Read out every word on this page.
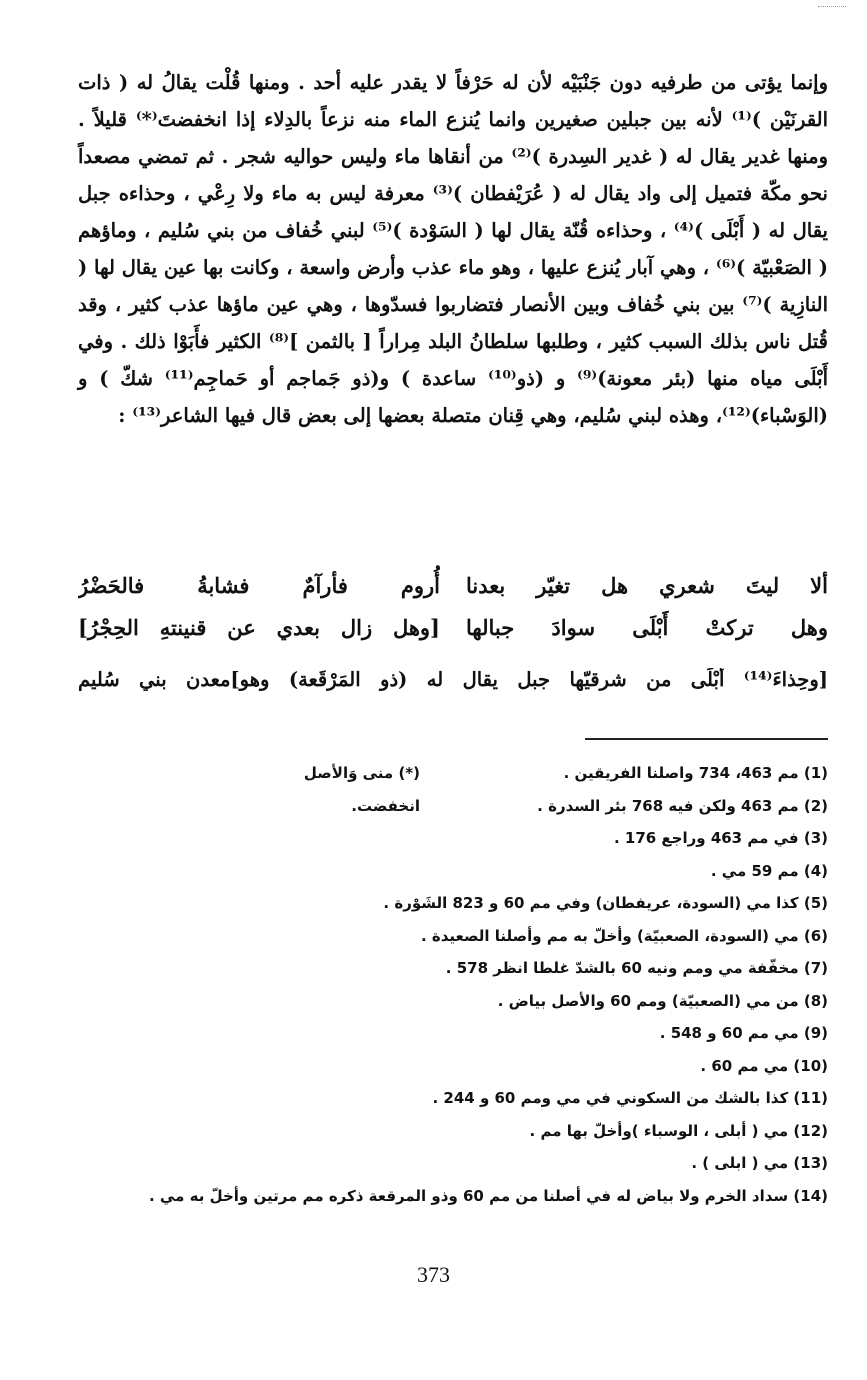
وإنما يؤتى من طرفيه دون جَنْبَيْه لأن له حَرْفاً لا يقدر عليه أحد . ومنها قُلْت يقالُ له ( ذات القرنَيْن )⁽¹⁾ لأنه بين جبلين صغيرين وانما يُنزع الماء منه نزعاً بالدِلاء إذا انخفضتَ⁽*⁾ قليلاً . ومنها غدير يقال له ( غدير السِدرة )⁽²⁾ من أنقاها ماء وليس حواليه شجر . ثم تمضي مصعداً نحو مكّة فتميل إلى واد يقال له ( عُرَيْفطان )⁽³⁾ معرفة ليس به ماء ولا رِعْي ، وحذاءه جبل يقال له ( أَبْلَى )⁽⁴⁾ ، وحذاءه قُنّة يقال لها ( السَوْدة )⁽⁵⁾ لبني خُفاف من بني سُليم ، وماؤهم ( الصَعْبيّة )⁽⁶⁾ ، وهي آبار يُنزع عليها ، وهو ماء عذب وأرض واسعة ، وكانت بها عين يقال لها ( النازِية )⁽⁷⁾ بين بني خُفاف وبين الأنصار فتضاربوا فسدّوها ، وهي عين ماؤها عذب كثير ، وقد قُتل ناس بذلك السبب كثير ، وطلبها سلطانُ البلد مِراراً [ بالثمن ]⁽⁸⁾ الكثير فأَبَوْا ذلك . وفي أَبْلَى مياه منها (بئر معونة)⁽⁹⁾ و (ذو⁽¹⁰⁾ ساعدة ) و(ذو جَماجم أو حَماجِم⁽¹¹⁾ شكّ ) و (الوَسْباء)⁽¹²⁾، وهذه لبني سُليم، وهي قِنان متصلة بعضها إلى بعض قال فيها الشاعر⁽¹³⁾ :

ألا ليتَ شعري هل تغيّر بعدنا
أُروم فأرآمٌ فشابةُ فالحَضْرُ
وهل تركتْ أَبْلَى سوادَ جبالها
[وهل زال بعدي عن قنينتهِ الحِجْرُ]
[وحِذاءَ⁽¹⁴⁾ أَبْلَى من شرقيّها جبل يقال له (ذو المَرْقَعة) وهو]معدن بني سُليم
(*) منى وَالأصل انخفضت.
(1) مم 463، 734 واصلنا الفريقين .
(2) مم 463 ولكن فيه 768 بئر السدرة .
(3) في مم 463 وراجع 176 .
(4) مم 59 مي .
(5) كذا مي (السودة، عريفطان) وفي مم 60 و 823 الشَوْرة .
(6) مي (السودة، الصعبيّة) وأخلّ به مم وأصلنا الصعيدة .
(7) مخفّفة مي ومم ونيه 60 بالشدّ غلطا انظر 578 .
(8) من مي (الصعبيّة) ومم 60 والأصل بياض .
(9) مي مم 60 و 548 .
(10) مي مم 60 .
(11) كذا بالشك من السكوني في مي ومم 60 و 244 .
(12) مي ( أبلى ، الوسباء )وأخلّ بها مم .
(13) مي ( ابلى ) .
(14) سداد الخرم ولا بياض له في أصلنا من مم 60 وذو المرقعة ذكره مم مرتين وأخلّ به مي .
373
